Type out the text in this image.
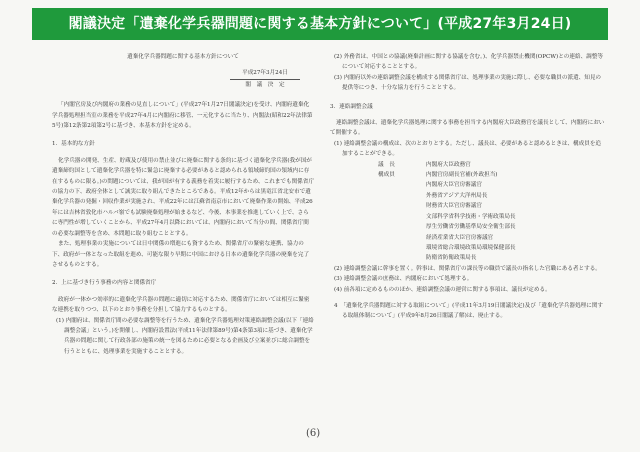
閣議決定「遺棄化学兵器問題に関する基本方針について」(平成27年3月24日)
遺棄化学兵器問題に関する基本方針について
平成27年3月24日
閣　議　決　定

「内閣官房及び内閣府の業務の見直しについて」(平成27年1月27日閣議決定)を受け、内閣府遺棄化学兵器処理担当室の業務を平成27年4月に内閣府に移管、一元化するに当たり、内閣法(昭和22年法律第5号)第12条第2項第2号に基づき、本基本方針を定める。

1．基本的な方針

化学兵器の開発、生産、貯蔵及び使用の禁止並びに廃棄に関する条約に基づく遺棄化学兵器(我が国が遺棄締約国として遺棄化学兵器を特に緊急に廃棄する必要があると認められる領域締約国の領域内に存在するものに限る。)の問題については、我が国が有する義務を着実に履行するため、これまでも関係省庁の協力の下、政府全体として誠実に取り組んできたところである。平成12年からは黒竜江省北安市で遺棄化学兵器の発掘・回収作業が実施され、平成22年には江蘇省南京市において廃棄作業の開始、平成26年には吉林省敦化市ハルバ嶺でも試験廃棄処理が始まるなど、今後、本事業を推進していく上で、さらに専門性が増していくことから、平成27年4月以降においては、内閣府において当分の間、関係省庁間の必要な調整等を含め、本問題に取り組むこととする。

また、処理事業の実施については日中関係の増進にも資するため、関係省庁の緊密な連携、協力の下、政府が一体となった取組を進め、可能な限り早期に中国における日本の遺棄化学兵器の廃棄を完了させるものとする。

2．上に基づき行う事務の内容と関係省庁

政府が一体かつ効率的に遺棄化学兵器の問題に適切に対応するため、関係省庁においては相互に緊密な連携を取りつつ、以下のとおり事務を分担して協力するものとする。

(1) 内閣府は、関係省庁間の必要な調整等を行うため、遺棄化学兵器処理対策連絡調整会議(以下「連絡調整会議」という。)を開催し、内閣府設置法(平成11年法律第89号)第4条第3項に基づき、遺棄化学兵器の問題に関して行政各部の施策の統一を図るために必要となる企画及び立案並びに総合調整を行うとともに、処理事業を実施することとする。

(2) 外務省は、中国との協議(廃棄計画に関する協議を含む。)、化学兵器禁止機関(OPCW)との連絡、調整等について対応することとする。

(3) 内閣府以外の連絡調整会議を構成する関係省庁は、処理事業の実施に際し、必要な職員の派遣、知見の提供等につき、十分な協力を行うこととする。

3．連絡調整会議

連絡調整会議は、遺棄化学兵器処理に関する事務を担当する内閣府大臣政務官を議長として、内閣府において開催する。

(1) 連絡調整会議の構成は、次のとおりとする。ただし、議長は、必要があると認めるときは、構成員を追加することができる。

議　長	内閣府大臣政務官
構成員	内閣官房副長官補(外政担当)
内閣府大臣官房審議官
外務省アジア大洋州局長
財務省大臣官房審議官
文部科学省科学技術・学術政策局長
厚生労働省労働基準局安全衛生部長
経済産業省大臣官房審議官
環境省総合環境政策局環境保健部長
防衛省防衛政策局長

(2) 連絡調整会議に幹事を置く。幹事は、関係省庁の課長等の職員で議長の指名した官職にある者とする。

(3) 連絡調整会議の庶務は、内閣府において処理する。

(4) 前各項に定めるもののほか、連絡調整会議の運営に関する事項は、議長が定める。

4　「遺棄化学兵器問題に対する取組について」(平成11年3月19日閣議決定)及び「遺棄化学兵器処理に関する取組体制について」(平成9年8月26日閣議了解)は、廃止する。

(6)
